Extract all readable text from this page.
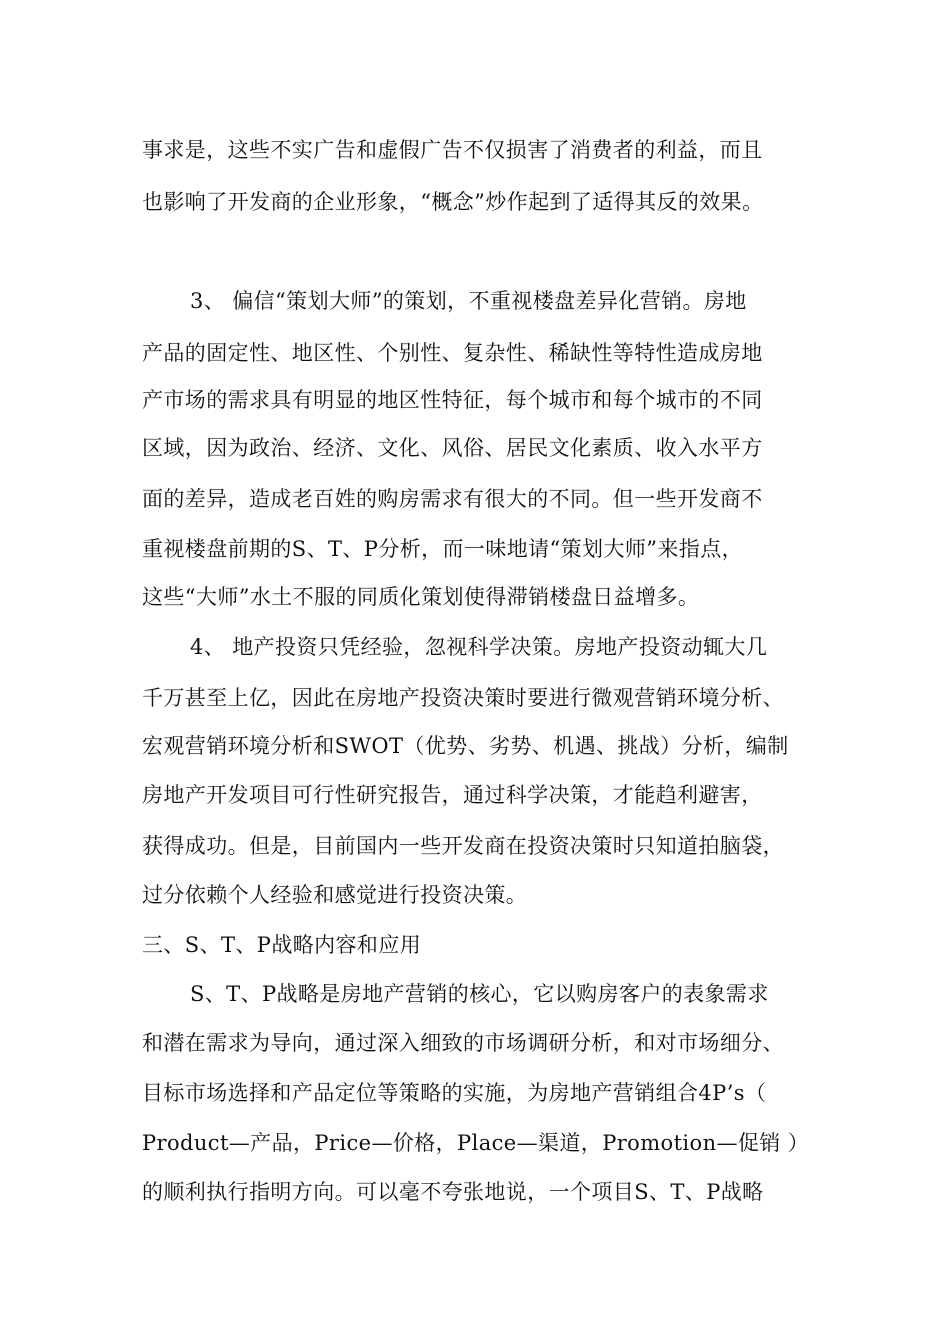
事求是，这些不实广告和虚假广告不仅损害了消费者的利益，而且
也影响了开发商的企业形象，“概念”炒作起到了适得其反的效果。
3、 偏信“策划大师”的策划，不重视楼盘差异化营销。房地
产品的固定性、地区性、个别性、复杂性、稀缺性等特性造成房地
产市场的需求具有明显的地区性特征，每个城市和每个城市的不同
区域，因为政治、经济、文化、风俗、居民文化素质、收入水平方
面的差异，造成老百姓的购房需求有很大的不同。但一些开发商不
重视楼盘前期的S、T、P分析，而一味地请“策划大师”来指点，
这些“大师”水土不服的同质化策划使得滞销楼盘日益增多。
4、 地产投资只凭经验，忽视科学决策。房地产投资动辄大几
千万甚至上亿，因此在房地产投资决策时要进行微观营销环境分析、
宏观营销环境分析和SWOT（优势、劣势、机遇、挑战）分析，编制
房地产开发项目可行性研究报告，通过科学决策，才能趋利避害，
获得成功。但是，目前国内一些开发商在投资决策时只知道拍脑袋，
过分依赖个人经验和感觉进行投资决策。
三、S、T、P战略内容和应用
S、T、P战略是房地产营销的核心，它以购房客户的表象需求
和潜在需求为导向，通过深入细致的市场调研分析，和对市场细分、
目标市场选择和产品定位等策略的实施，为房地产营销组合4P’s（
Product—产品，Price—价格，Place—渠道，Promotion—促销 ）
的顺利执行指明方向。可以毫不夸张地说，一个项目S、T、P战略
